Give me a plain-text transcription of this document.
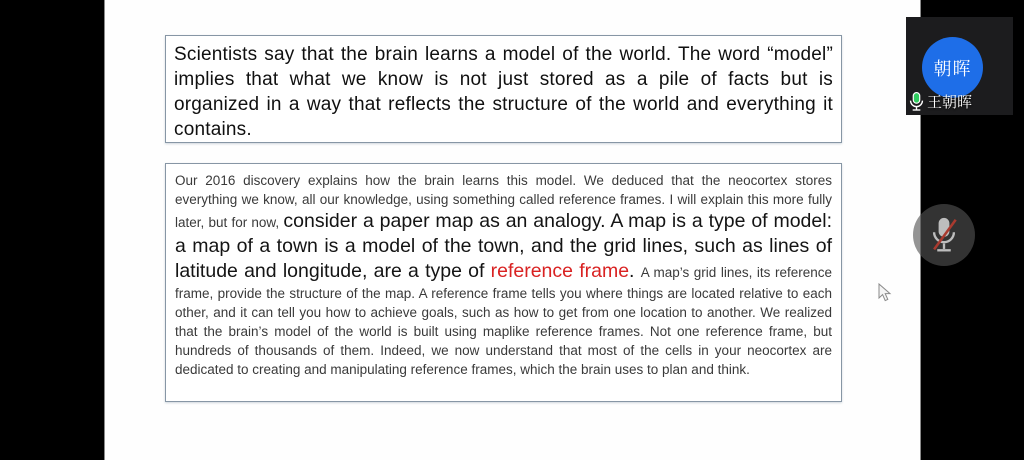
Scientists say that the brain learns a model of the world. The word “model” implies that what we know is not just stored as a pile of facts but is organized in a way that reflects the structure of the world and everything it contains.

Our 2016 discovery explains how the brain learns this model. We deduced that the neocortex stores everything we know, all our knowledge, using something called reference frames. I will explain this more fully later, but for now, consider a paper map as an analogy. A map is a type of model: a map of a town is a model of the town, and the grid lines, such as lines of latitude and longitude, are a type of reference frame. A map’s grid lines, its reference frame, provide the structure of the map. A reference frame tells you where things are located relative to each other, and it can tell you how to achieve goals, such as how to get from one location to another. We realized that the brain’s model of the world is built using maplike reference frames. Not one reference frame, but hundreds of thousands of them. Indeed, we now understand that most of the cells in your neocortex are dedicated to creating and manipulating reference frames, which the brain uses to plan and think.

朝晖
王朝晖
